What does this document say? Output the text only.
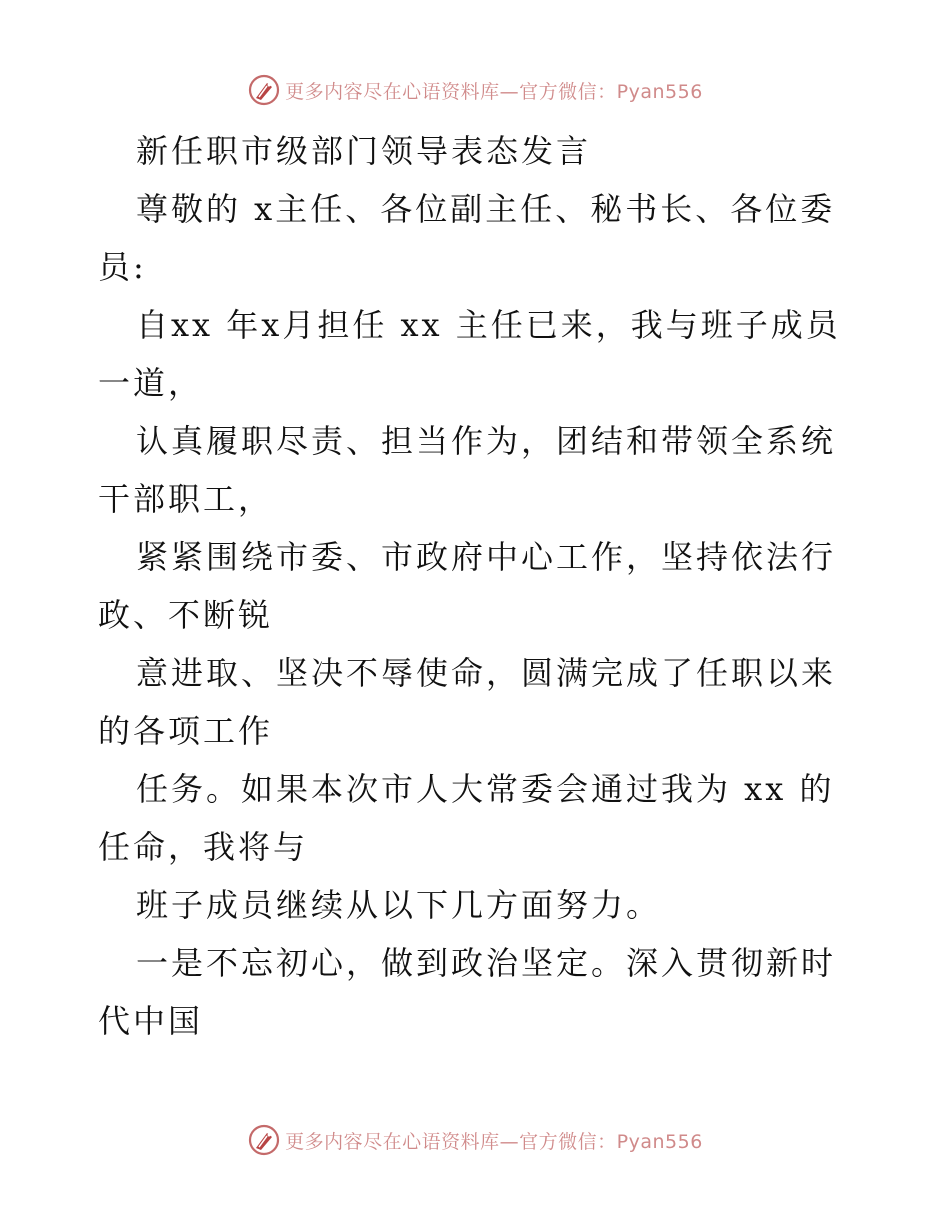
更多内容尽在心语资料库—官方微信：Pyan556

新任职市级部门领导表态发言

尊敬的 x主任、各位副主任、秘书长、各位委员:

自xx 年x月担任 xx 主任已来，我与班子成员一道，

认真履职尽责、担当作为，团结和带领全系统干部职工，

紧紧围绕市委、市政府中心工作，坚持依法行政、不断锐

意进取、坚决不辱使命，圆满完成了任职以来的各项工作

任务。如果本次市人大常委会通过我为 xx 的任命，我将与

班子成员继续从以下几方面努力。

一是不忘初心，做到政治坚定。深入贯彻新时代中国

更多内容尽在心语资料库—官方微信：Pyan556
